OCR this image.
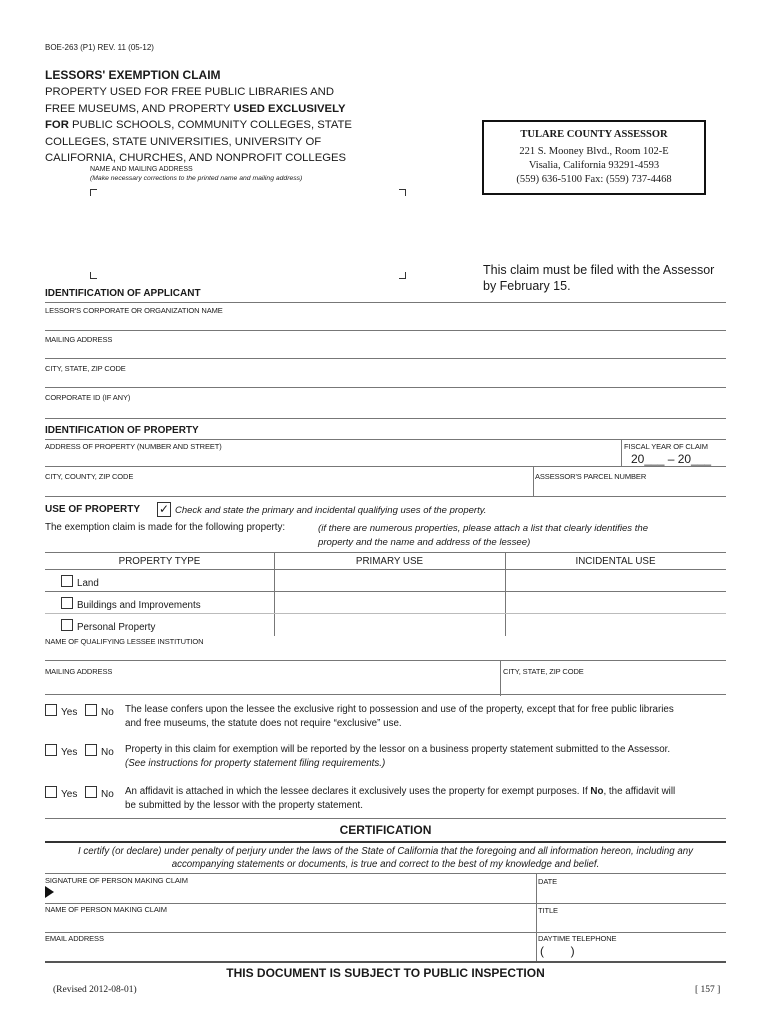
BOE-263 (P1) REV. 11 (05-12)
LESSORS' EXEMPTION CLAIM
PROPERTY USED FOR FREE PUBLIC LIBRARIES AND
FREE MUSEUMS, AND PROPERTY USED EXCLUSIVELY
FOR PUBLIC SCHOOLS, COMMUNITY COLLEGES, STATE
COLLEGES, STATE UNIVERSITIES, UNIVERSITY OF
CALIFORNIA, CHURCHES, AND NONPROFIT COLLEGES
NAME AND MAILING ADDRESS
(Make necessary corrections to the printed name and mailing address)
TULARE COUNTY ASSESSOR
221 S. Mooney Blvd., Room 102-E
Visalia, California 93291-4593
(559) 636-5100 Fax: (559) 737-4468
This claim must be filed with the Assessor
by February 15.
IDENTIFICATION OF APPLICANT
LESSOR'S CORPORATE OR ORGANIZATION NAME
MAILING ADDRESS
CITY, STATE, ZIP CODE
CORPORATE ID (IF ANY)
IDENTIFICATION OF PROPERTY
ADDRESS OF PROPERTY (NUMBER AND STREET)	FISCAL YEAR OF CLAIM
20___ – 20___
CITY, COUNTY, ZIP CODE	ASSESSOR'S PARCEL NUMBER
USE OF PROPERTY ✓ Check and state the primary and incidental qualifying uses of the property.
The exemption claim is made for the following property:	(if there are numerous properties, please attach a list that clearly identifies the
property and the name and address of the lessee)
PROPERTY TYPE	PRIMARY USE	INCIDENTAL USE
Land
Buildings and Improvements
Personal Property
NAME OF QUALIFYING LESSEE INSTITUTION
MAILING ADDRESS	CITY, STATE, ZIP CODE
Yes	No The lease confers upon the lessee the exclusive right to possession and use of the property, except that for free public libraries
and free museums, the statute does not require “exclusive” use.
Yes	No Property in this claim for exemption will be reported by the lessor on a business property statement submitted to the Assessor.
(See instructions for property statement filing requirements.)
Yes	No An affidavit is attached in which the lessee declares it exclusively uses the property for exempt purposes. If No, the affidavit will
be submitted by the lessor with the property statement.
CERTIFICATION
I certify (or declare) under penalty of perjury under the laws of the State of California that the foregoing and all information hereon, including any
accompanying statements or documents, is true and correct to the best of my knowledge and belief.
SIGNATURE OF PERSON MAKING CLAIM	DATE
NAME OF PERSON MAKING CLAIM	TITLE
EMAIL ADDRESS	DAYTIME TELEPHONE
(        )
THIS DOCUMENT IS SUBJECT TO PUBLIC INSPECTION
(Revised 2012-08-01)	[ 157 ]
